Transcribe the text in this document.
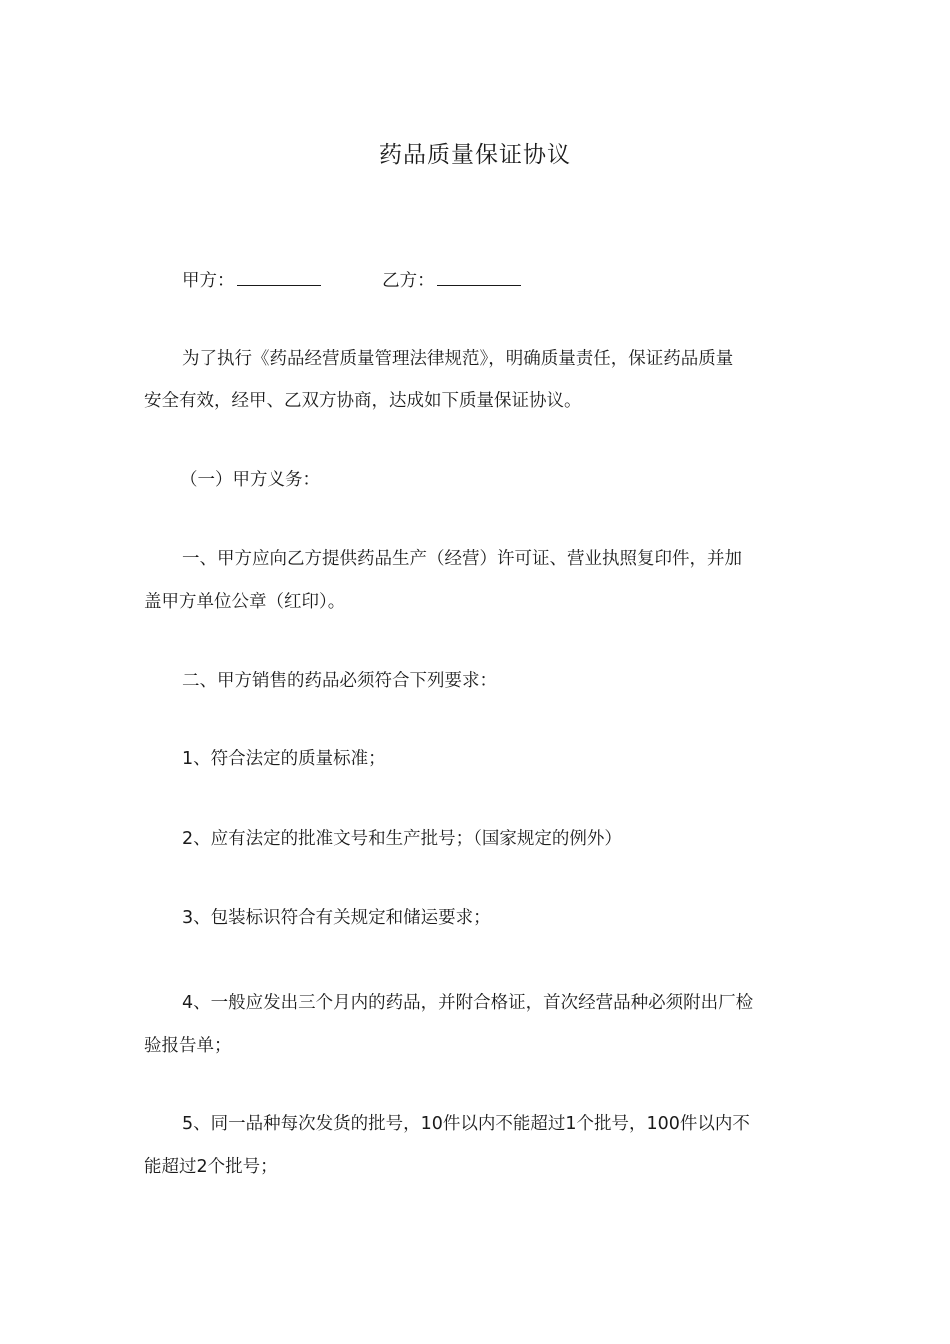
药品质量保证协议
甲方：	乙方：
为了执行《药品经营质量管理法律规范》，明确质量责任，保证药品质量
安全有效，经甲、乙双方协商，达成如下质量保证协议。
（一）甲方义务：
一、甲方应向乙方提供药品生产（经营）许可证、营业执照复印件，并加
盖甲方单位公章（红印）。
二、甲方销售的药品必须符合下列要求：
1、符合法定的质量标准；
2、应有法定的批准文号和生产批号；（国家规定的例外）
3、包装标识符合有关规定和储运要求；
4、一般应发出三个月内的药品，并附合格证，首次经营品种必须附出厂检
验报告单；
5、同一品种每次发货的批号，10件以内不能超过1个批号，100件以内不
能超过2个批号；
